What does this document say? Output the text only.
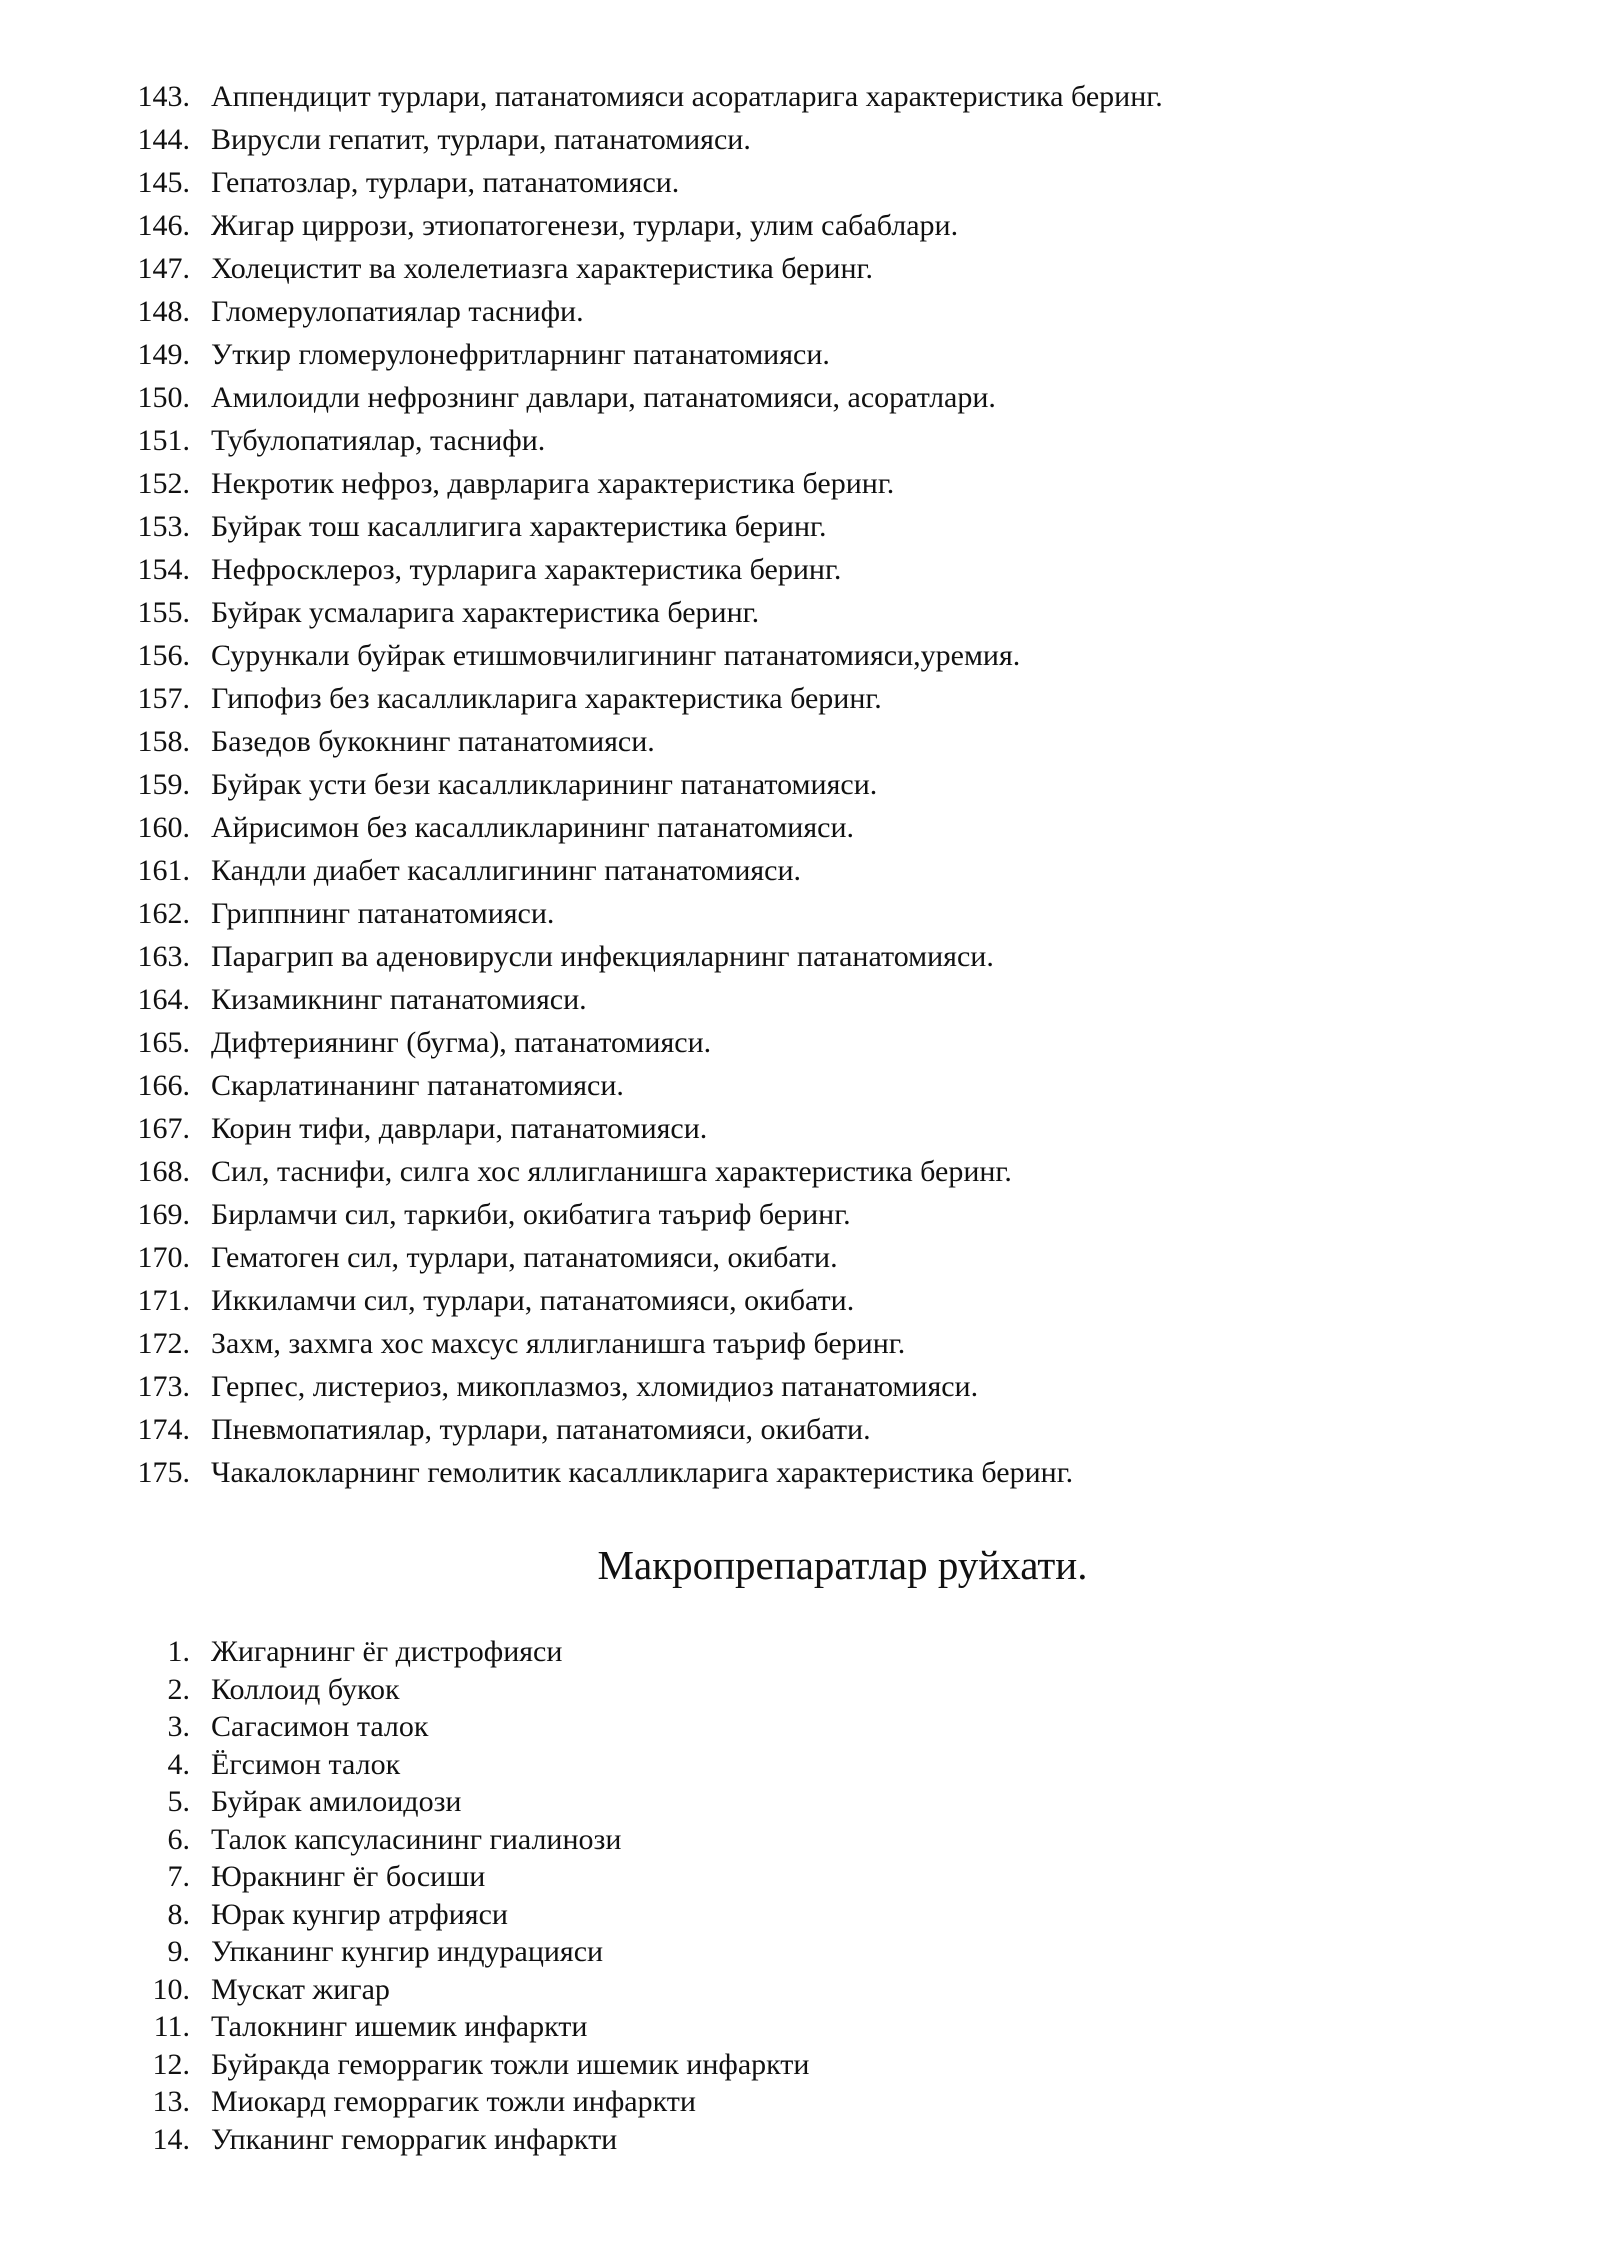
143. Аппендицит турлари, патанатомияси асоратларига характеристика беринг.
144. Вирусли гепатит, турлари, патанатомияси.
145. Гепатозлар, турлари, патанатомияси.
146. Жигар циррози, этиопатогенези, турлари, улим сабаблари.
147. Холецистит ва холелетиазга характеристика беринг.
148. Гломерулопатиялар таснифи.
149. Уткир гломерулонефритларнинг патанатомияси.
150. Амилоидли нефрознинг давлари, патанатомияси, асоратлари.
151. Тубулопатиялар, таснифи.
152. Некротик нефроз, даврларига характеристика беринг.
153. Буйрак тош касаллигига характеристика беринг.
154. Нефросклероз, турларига характеристика беринг.
155. Буйрак усмаларига характеристика беринг.
156. Сурункали буйрак етишмовчилигининг патанатомияси,уремия.
157. Гипофиз без касалликларига характеристика беринг.
158. Базедов букокнинг патанатомияси.
159. Буйрак усти бези касалликларининг патанатомияси.
160. Айрисимон без касалликларининг патанатомияси.
161. Кандли диабет касаллигининг патанатомияси.
162. Гриппнинг патанатомияси.
163. Парагрип ва аденовирусли инфекцияларнинг патанатомияси.
164. Кизамикнинг патанатомияси.
165. Дифтериянинг (бугма), патанатомияси.
166. Скарлатинанинг патанатомияси.
167. Корин тифи, даврлари, патанатомияси.
168. Сил, таснифи, силга хос яллигланишга характеристика беринг.
169. Бирламчи сил, таркиби, окибатига таъриф беринг.
170. Гематоген сил, турлари, патанатомияси, окибати.
171. Иккиламчи сил, турлари, патанатомияси, окибати.
172. Захм, захмга хос махсус яллигланишга таъриф беринг.
173. Герпес, листериоз, микоплазмоз, хломидиоз патанатомияси.
174. Пневмопатиялар, турлари, патанатомияси, окибати.
175. Чакалокларнинг гемолитик касалликларига характеристика беринг.
Макропрепаратлар руйхати.
1. Жигарнинг ёг дистрофияси
2. Коллоид букок
3. Сагасимон талок
4. Ёгсимон талок
5. Буйрак амилоидози
6. Талок капсуласининг гиалинози
7. Юракнинг ёг босиши
8. Юрак кунгир атрфияси
9. Упканинг кунгир индурацияси
10. Мускат жигар
11. Талокнинг ишемик инфаркти
12. Буйракда геморрагик тожли ишемик инфаркти
13. Миокард геморрагик тожли инфаркти
14. Упканинг геморрагик инфаркти
